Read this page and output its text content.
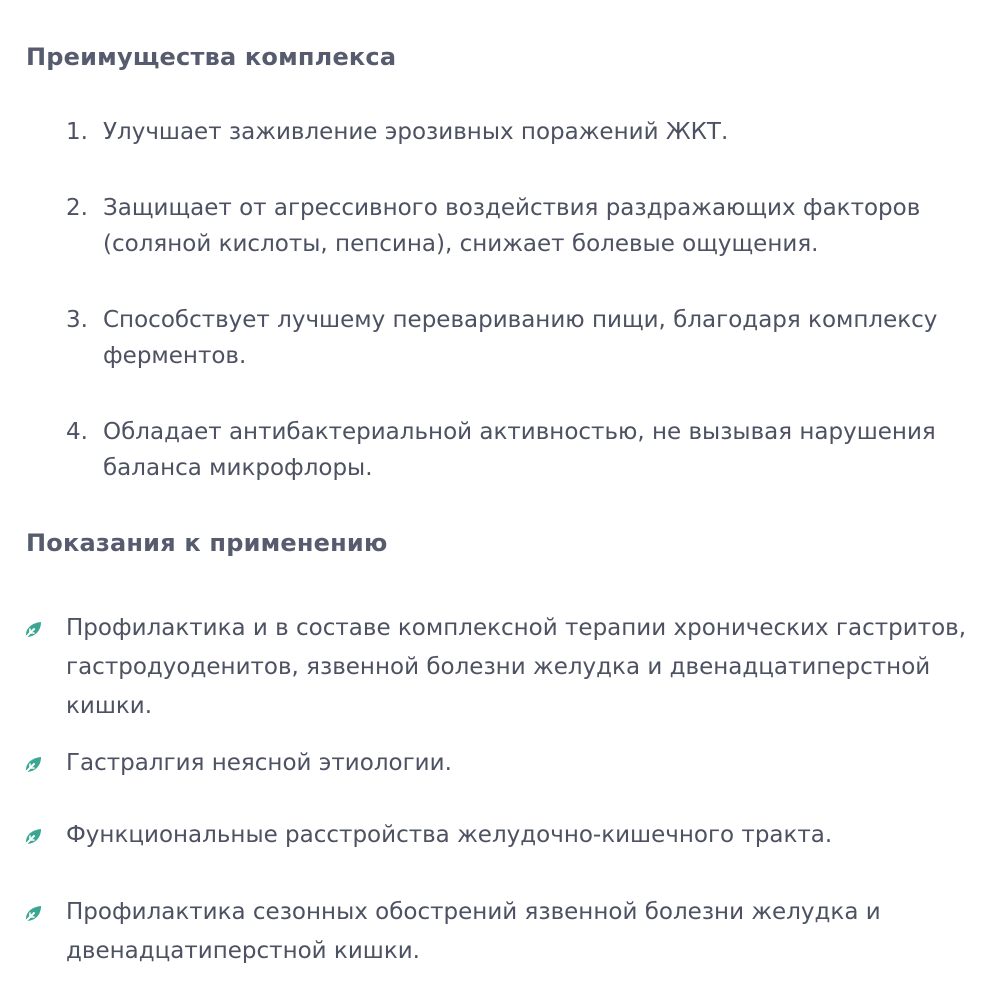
Преимущества комплекса
1. Улучшает заживление эрозивных поражений ЖКТ.
2. Защищает от агрессивного воздействия раздражающих факторов (соляной кислоты, пепсина), снижает болевые ощущения.
3. Способствует лучшему перевариванию пищи, благодаря комплексу ферментов.
4. Обладает антибактериальной активностью, не вызывая нарушения баланса микрофлоры.
Показания к применению
Профилактика и в составе комплексной терапии хронических гастритов, гастродуоденитов, язвенной болезни желудка и двенадцатиперстной кишки.
Гастралгия неясной этиологии.
Функциональные расстройства желудочно-кишечного тракта.
Профилактика сезонных обострений язвенной болезни желудка и двенадцатиперстной кишки.
